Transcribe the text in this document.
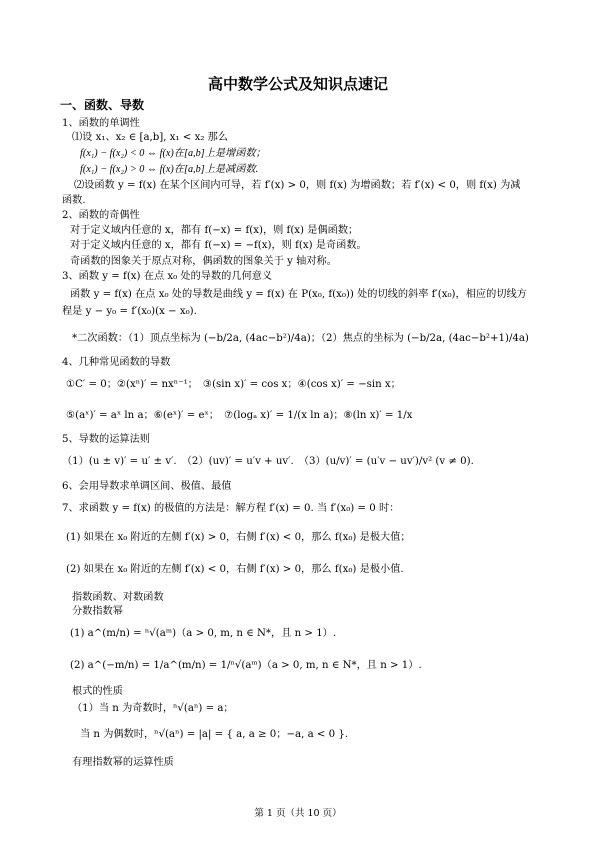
高中数学公式及知识点速记
一、函数、导数
1、函数的单调性
⑴设 x₁、x₂ ∈ [a,b], x₁ < x₂ 那么
f(x₁) − f(x₂) < 0 ⇔ f(x)在[a,b]上是增函数；
f(x₁) − f(x₂) > 0 ⇔ f(x)在[a,b]上是减函数.
⑵设函数 y = f(x) 在某个区间内可导，若 f′(x) > 0，则 f(x) 为增函数；若 f′(x) < 0，则 f(x) 为减
函数.
2、函数的奇偶性
对于定义域内任意的 x，都有 f(−x) = f(x)，则 f(x) 是偶函数；
对于定义域内任意的 x，都有 f(−x) = −f(x)，则 f(x) 是奇函数。
奇函数的图象关于原点对称，偶函数的图象关于 y 轴对称。
3、函数 y = f(x) 在点 x₀ 处的导数的几何意义
函数 y = f(x) 在点 x₀ 处的导数是曲线 y = f(x) 在 P(x₀, f(x₀)) 处的切线的斜率 f′(x₀)，相应的切线方
程是 y − y₀ = f′(x₀)(x − x₀).
*二次函数：（1）顶点坐标为 (−b/2a, (4ac−b²)/4a)；（2）焦点的坐标为 (−b/2a, (4ac−b²+1)/4a)
4、几种常见函数的导数
①C′ = 0；②(xⁿ)′ = nxⁿ⁻¹；　③(sin x)′ = cos x；④(cos x)′ = −sin x；
⑤(aˣ)′ = aˣ ln a；⑥(eˣ)′ = eˣ；　⑦(logₐ x)′ = 1/(x ln a)；⑧(ln x)′ = 1/x
5、导数的运算法则
（1）(u ± v)′ = u′ ± v′.　（2）(uv)′ = u′v + uv′.　（3）(u/v)′ = (u′v − uv′)/v² (v ≠ 0).
6、会用导数求单调区间、极值、最值
7、求函数 y = f(x) 的极值的方法是：解方程 f′(x) = 0. 当 f′(x₀) = 0 时：
(1) 如果在 x₀ 附近的左侧 f′(x) > 0，右侧 f′(x) < 0，那么 f(x₀) 是极大值；
(2) 如果在 x₀ 附近的左侧 f′(x) < 0，右侧 f′(x) > 0，那么 f(x₀) 是极小值.
指数函数、对数函数
分数指数幂
(1) a^(m/n) = ⁿ√(aᵐ)（a > 0, m, n ∈ N*，且 n > 1）.
(2) a^(−m/n) = 1/a^(m/n) = 1/ⁿ√(aᵐ)（a > 0, m, n ∈ N*，且 n > 1）.
根式的性质
（1）当 n 为奇数时，ⁿ√(aⁿ) = a；
当 n 为偶数时，ⁿ√(aⁿ) = |a| = { a, a ≥ 0；−a, a < 0 }.
有理指数幂的运算性质
第 1 页（共 10 页）
